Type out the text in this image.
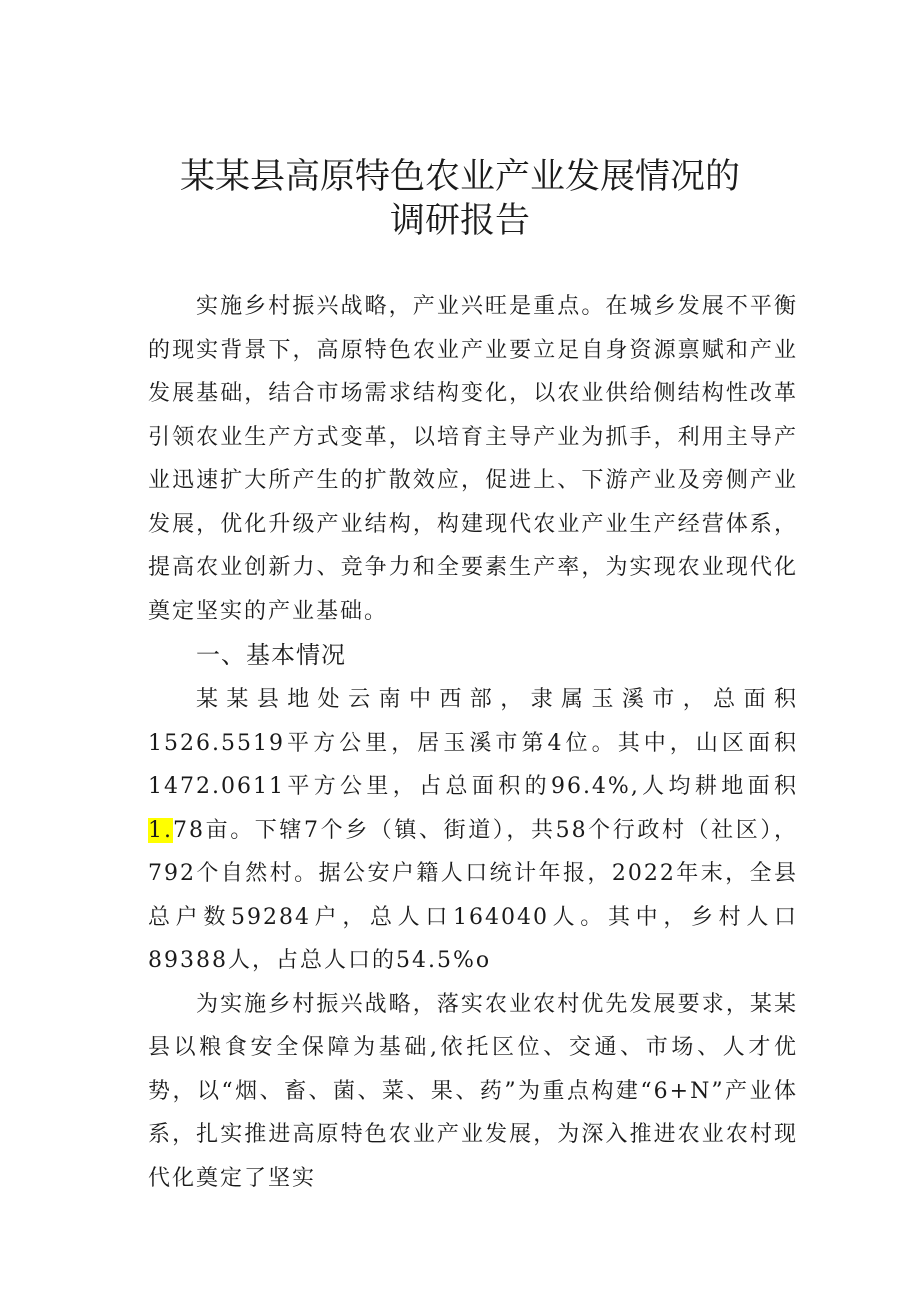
某某县高原特色农业产业发展情况的
调研报告

实施乡村振兴战略，产业兴旺是重点。在城乡发展不平衡的现实背景下，高原特色农业产业要立足自身资源禀赋和产业发展基础，结合市场需求结构变化，以农业供给侧结构性改革引领农业生产方式变革，以培育主导产业为抓手，利用主导产业迅速扩大所产生的扩散效应，促进上、下游产业及旁侧产业发展，优化升级产业结构，构建现代农业产业生产经营体系，提高农业创新力、竞争力和全要素生产率，为实现农业现代化奠定坚实的产业基础。

一、基本情况

某某县地处云南中西部，隶属玉溪市，总面积1526.5519平方公里，居玉溪市第4位。其中，山区面积1472.0611平方公里，占总面积的96.4%,人均耕地面积1.78亩。下辖7个乡（镇、街道），共58个行政村（社区），792个自然村。据公安户籍人口统计年报，2022年末，全县总户数59284户，总人口164040人。其中，乡村人口89388人，占总人口的54.5%o

为实施乡村振兴战略，落实农业农村优先发展要求，某某县以粮食安全保障为基础,依托区位、交通、市场、人才优势，以“烟、畜、菌、菜、果、药”为重点构建“6+N”产业体系，扎实推进高原特色农业产业发展，为深入推进农业农村现代化奠定了坚实
